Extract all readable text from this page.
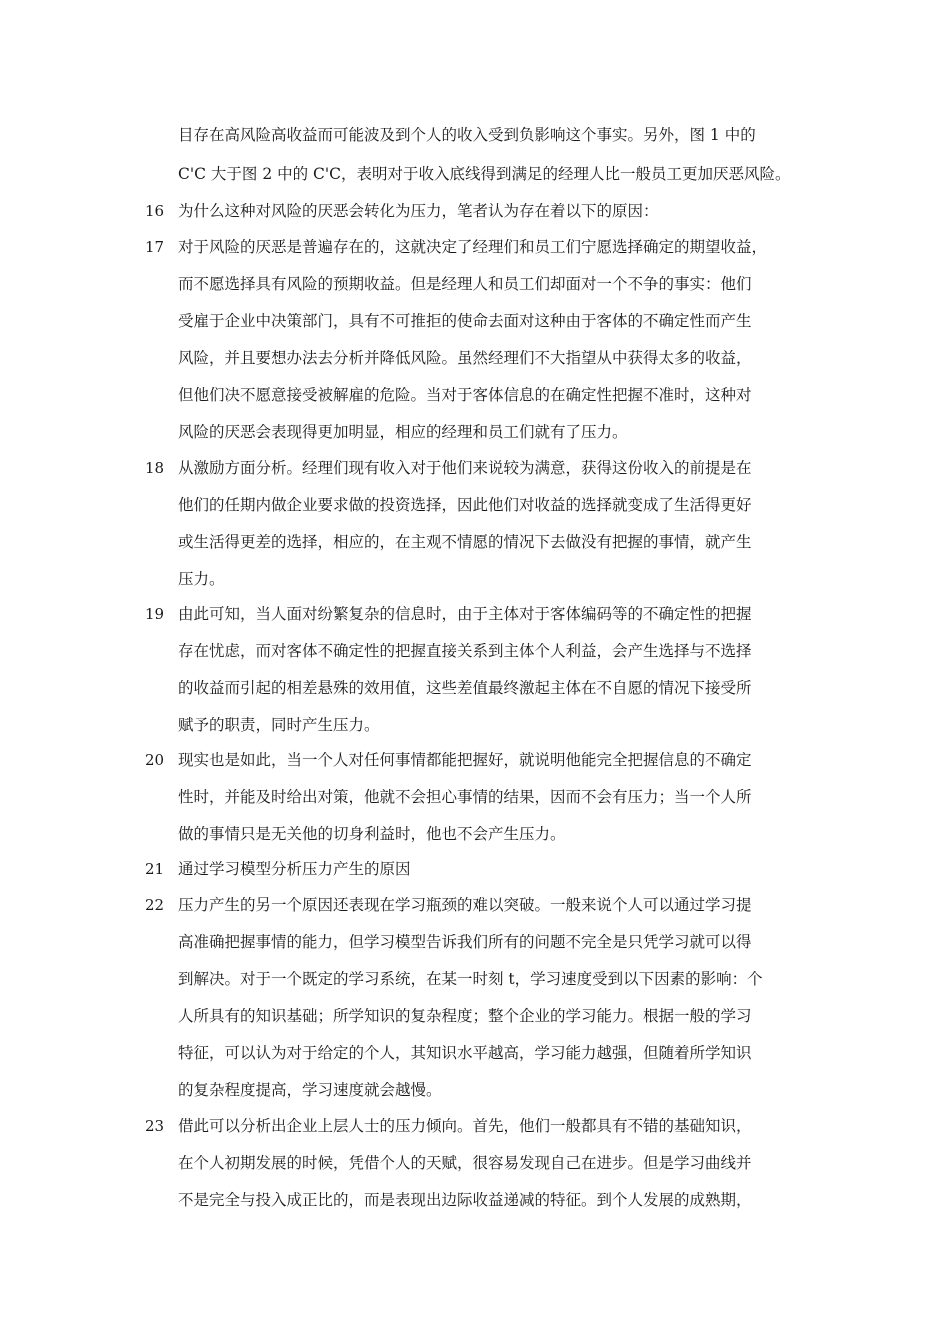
目存在高风险高收益而可能波及到个人的收入受到负影响这个事实。另外，图 1 中的
C'C 大于图 2 中的 C'C，表明对于收入底线得到满足的经理人比一般员工更加厌恶风险。
16 为什么这种对风险的厌恶会转化为压力，笔者认为存在着以下的原因：
17 对于风险的厌恶是普遍存在的，这就决定了经理们和员工们宁愿选择确定的期望收益，
而不愿选择具有风险的预期收益。但是经理人和员工们却面对一个不争的事实：他们
受雇于企业中决策部门，具有不可推拒的使命去面对这种由于客体的不确定性而产生
风险，并且要想办法去分析并降低风险。虽然经理们不大指望从中获得太多的收益，
但他们决不愿意接受被解雇的危险。当对于客体信息的在确定性把握不准时，这种对
风险的厌恶会表现得更加明显，相应的经理和员工们就有了压力。
18 从激励方面分析。经理们现有收入对于他们来说较为满意，获得这份收入的前提是在
他们的任期内做企业要求做的投资选择，因此他们对收益的选择就变成了生活得更好
或生活得更差的选择，相应的，在主观不情愿的情况下去做没有把握的事情，就产生
压力。
19 由此可知，当人面对纷繁复杂的信息时，由于主体对于客体编码等的不确定性的把握
存在忧虑，而对客体不确定性的把握直接关系到主体个人利益，会产生选择与不选择
的收益而引起的相差悬殊的效用值，这些差值最终激起主体在不自愿的情况下接受所
赋予的职责，同时产生压力。
20 现实也是如此，当一个人对任何事情都能把握好，就说明他能完全把握信息的不确定
性时，并能及时给出对策，他就不会担心事情的结果，因而不会有压力；当一个人所
做的事情只是无关他的切身利益时，他也不会产生压力。
21 通过学习模型分析压力产生的原因
22 压力产生的另一个原因还表现在学习瓶颈的难以突破。一般来说个人可以通过学习提
高准确把握事情的能力，但学习模型告诉我们所有的问题不完全是只凭学习就可以得
到解决。对于一个既定的学习系统，在某一时刻 t，学习速度受到以下因素的影响：个
人所具有的知识基础；所学知识的复杂程度；整个企业的学习能力。根据一般的学习
特征，可以认为对于给定的个人，其知识水平越高，学习能力越强，但随着所学知识
的复杂程度提高，学习速度就会越慢。
23 借此可以分析出企业上层人士的压力倾向。首先，他们一般都具有不错的基础知识，
在个人初期发展的时候，凭借个人的天赋，很容易发现自己在进步。但是学习曲线并
不是完全与投入成正比的，而是表现出边际收益递减的特征。到个人发展的成熟期，
